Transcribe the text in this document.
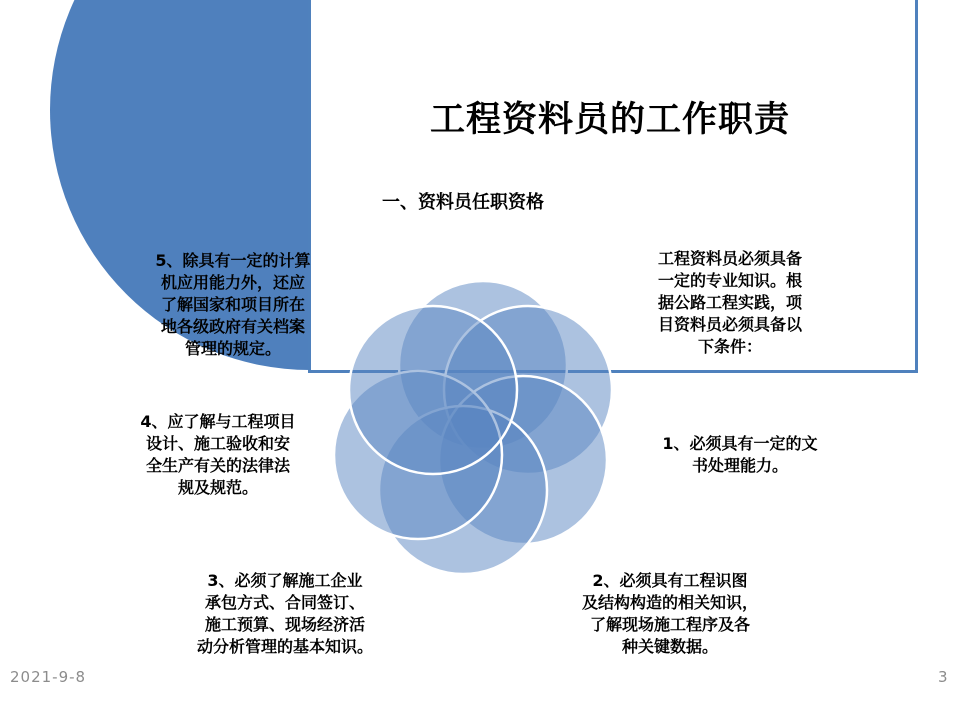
工程资料员的工作职责
一、资料员任职资格
工程资料员必须具备
一定的专业知识。根
据公路工程实践，项
目资料员必须具备以
下条件：
1、必须具有一定的文
书处理能力。
2、必须具有工程识图
及结构构造的相关知识，
了解现场施工程序及各
种关键数据。
3、必须了解施工企业
承包方式、合同签订、
施工预算、现场经济活
动分析管理的基本知识。
4、应了解与工程项目
设计、施工验收和安
全生产有关的法律法
规及规范。
5、除具有一定的计算
机应用能力外，还应
了解国家和项目所在
地各级政府有关档案
管理的规定。
2021-9-8	3
